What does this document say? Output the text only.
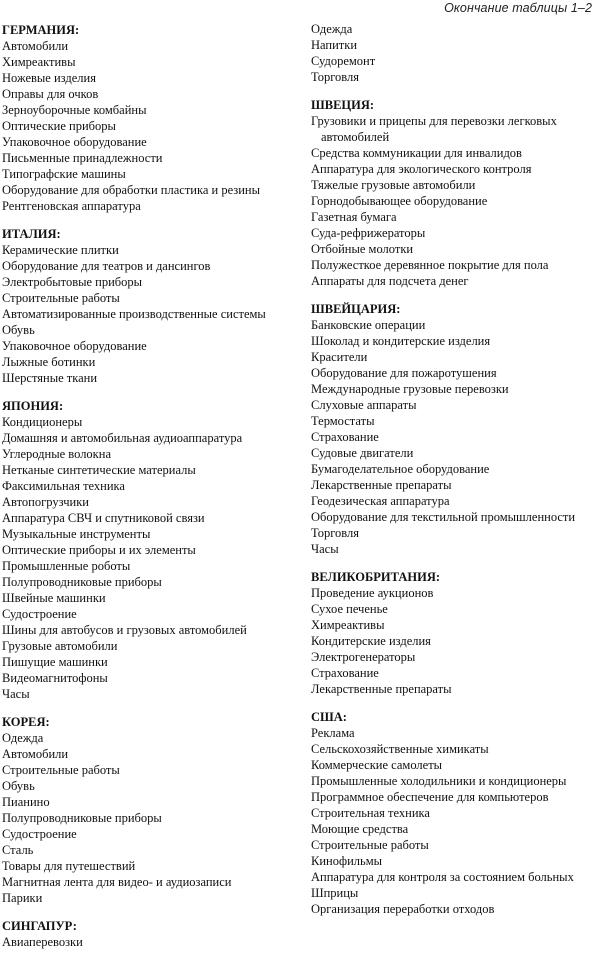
Окончание таблицы 1–2
ГЕРМАНИЯ:
Автомобили
Химреактивы
Ножевые изделия
Оправы для очков
Зерноуборочные комбайны
Оптические приборы
Упаковочное оборудование
Письменные принадлежности
Типографские машины
Оборудование для обработки пластика и резины
Рентгеновская аппаратура
ИТАЛИЯ:
Керамические плитки
Оборудование для театров и дансингов
Электробытовые приборы
Строительные работы
Автоматизированные производственные системы
Обувь
Упаковочное оборудование
Лыжные ботинки
Шерстяные ткани
ЯПОНИЯ:
Кондиционеры
Домашняя и автомобильная аудиоаппаратура
Углеродные волокна
Нетканые синтетические материалы
Факсимильная техника
Автопогрузчики
Аппаратура СВЧ и спутниковой связи
Музыкальные инструменты
Оптические приборы и их элементы
Промышленные роботы
Полупроводниковые приборы
Швейные машинки
Судостроение
Шины для автобусов и грузовых автомобилей
Грузовые автомобили
Пишущие машинки
Видеомагнитофоны
Часы
КОРЕЯ:
Одежда
Автомобили
Строительные работы
Обувь
Пианино
Полупроводниковые приборы
Судостроение
Сталь
Товары для путешествий
Магнитная лента для видео- и аудиозаписи
Парики
СИНГАПУР:
Авиаперевозки
Одежда
Напитки
Судоремонт
Торговля
ШВЕЦИЯ:
Грузовики и прицепы для перевозки легковых автомобилей
Средства коммуникации для инвалидов
Аппаратура для экологического контроля
Тяжелые грузовые автомобили
Горнодобывающее оборудование
Газетная бумага
Суда-рефрижераторы
Отбойные молотки
Полужесткое деревянное покрытие для пола
Аппараты для подсчета денег
ШВЕЙЦАРИЯ:
Банковские операции
Шоколад и кондитерские изделия
Красители
Оборудование для пожаротушения
Международные грузовые перевозки
Слуховые аппараты
Термостаты
Страхование
Судовые двигатели
Бумагоделательное оборудование
Лекарственные препараты
Геодезическая аппаратура
Оборудование для текстильной промышленности
Торговля
Часы
ВЕЛИКОБРИТАНИЯ:
Проведение аукционов
Сухое печенье
Химреактивы
Кондитерские изделия
Электрогенераторы
Страхование
Лекарственные препараты
США:
Реклама
Сельскохозяйственные химикаты
Коммерческие самолеты
Промышленные холодильники и кондиционеры
Программное обеспечение для компьютеров
Строительная техника
Моющие средства
Строительные работы
Кинофильмы
Аппаратура для контроля за состоянием больных
Шприцы
Организация переработки отходов
